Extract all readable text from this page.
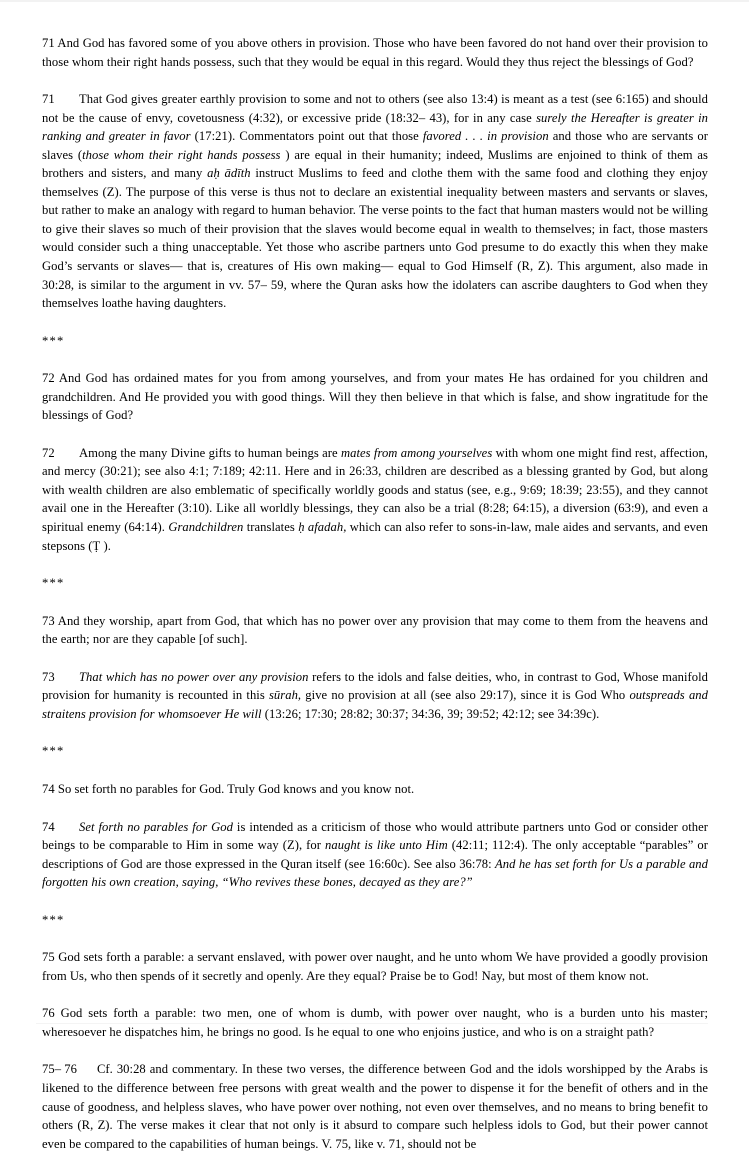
71 And God has favored some of you above others in provision. Those who have been favored do not hand over their provision to those whom their right hands possess, such that they would be equal in this regard. Would they thus reject the blessings of God?

71 That God gives greater earthly provision to some and not to others (see also 13:4) is meant as a test (see 6:165) and should not be the cause of envy, covetousness (4:32), or excessive pride (18:32– 43), for in any case surely the Hereafter is greater in ranking and greater in favor (17:21). Commentators point out that those favored . . . in provision and those who are servants or slaves (those whom their right hands possess ) are equal in their humanity; indeed, Muslims are enjoined to think of them as brothers and sisters, and many aḥ ādīth instruct Muslims to feed and clothe them with the same food and clothing they enjoy themselves (Z). The purpose of this verse is thus not to declare an existential inequality between masters and servants or slaves, but rather to make an analogy with regard to human behavior. The verse points to the fact that human masters would not be willing to give their slaves so much of their provision that the slaves would become equal in wealth to themselves; in fact, those masters would consider such a thing unacceptable. Yet those who ascribe partners unto God presume to do exactly this when they make God’s servants or slaves— that is, creatures of His own making— equal to God Himself (R, Z). This argument, also made in 30:28, is similar to the argument in vv. 57– 59, where the Quran asks how the idolaters can ascribe daughters to God when they themselves loathe having daughters.

***

72 And God has ordained mates for you from among yourselves, and from your mates He has ordained for you children and grandchildren. And He provided you with good things. Will they then believe in that which is false, and show ingratitude for the blessings of God?

72 Among the many Divine gifts to human beings are mates from among yourselves with whom one might find rest, affection, and mercy (30:21); see also 4:1; 7:189; 42:11. Here and in 26:33, children are described as a blessing granted by God, but along with wealth children are also emblematic of specifically worldly goods and status (see, e.g., 9:69; 18:39; 23:55), and they cannot avail one in the Hereafter (3:10). Like all worldly blessings, they can also be a trial (8:28; 64:15), a diversion (63:9), and even a spiritual enemy (64:14). Grandchildren translates ḥ afadah, which can also refer to sons-in-law, male aides and servants, and even stepsons (Ṭ ).

***

73 And they worship, apart from God, that which has no power over any provision that may come to them from the heavens and the earth; nor are they capable [of such].

73 That which has no power over any provision refers to the idols and false deities, who, in contrast to God, Whose manifold provision for humanity is recounted in this sūrah, give no provision at all (see also 29:17), since it is God Who outspreads and straitens provision for whomsoever He will (13:26; 17:30; 28:82; 30:37; 34:36, 39; 39:52; 42:12; see 34:39c).

***

74 So set forth no parables for God. Truly God knows and you know not.

74 Set forth no parables for God is intended as a criticism of those who would attribute partners unto God or consider other beings to be comparable to Him in some way (Z), for naught is like unto Him (42:11; 112:4). The only acceptable “parables” or descriptions of God are those expressed in the Quran itself (see 16:60c). See also 36:78: And he has set forth for Us a parable and forgotten his own creation, saying, “Who revives these bones, decayed as they are?”

***

75 God sets forth a parable: a servant enslaved, with power over naught, and he unto whom We have provided a goodly provision from Us, who then spends of it secretly and openly. Are they equal? Praise be to God! Nay, but most of them know not.

76 God sets forth a parable: two men, one of whom is dumb, with power over naught, who is a burden unto his master; wheresoever he dispatches him, he brings no good. Is he equal to one who enjoins justice, and who is on a straight path?

75– 76 Cf. 30:28 and commentary. In these two verses, the difference between God and the idols worshipped by the Arabs is likened to the difference between free persons with great wealth and the power to dispense it for the benefit of others and in the cause of goodness, and helpless slaves, who have power over nothing, not even over themselves, and no means to bring benefit to others (R, Z). The verse makes it clear that not only is it absurd to compare such helpless idols to God, but their power cannot even be compared to the capabilities of human beings. V. 75, like v. 71, should not be
